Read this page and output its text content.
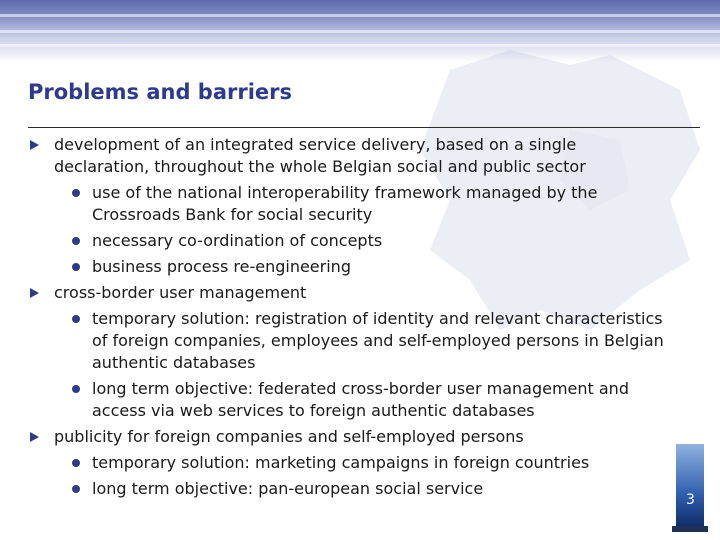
Problems and barriers
development of an integrated service delivery, based on a single declaration, throughout the whole Belgian social and public sector
use of the national interoperability framework managed by the Crossroads Bank for social security
necessary co-ordination of concepts
business process re-engineering
cross-border user management
temporary solution: registration of identity and relevant characteristics of foreign companies, employees and self-employed persons in Belgian authentic databases
long term objective: federated cross-border user management and access via web services to foreign authentic databases
publicity for foreign companies and self-employed persons
temporary solution: marketing campaigns in foreign countries
long term objective: pan-european social service
3
